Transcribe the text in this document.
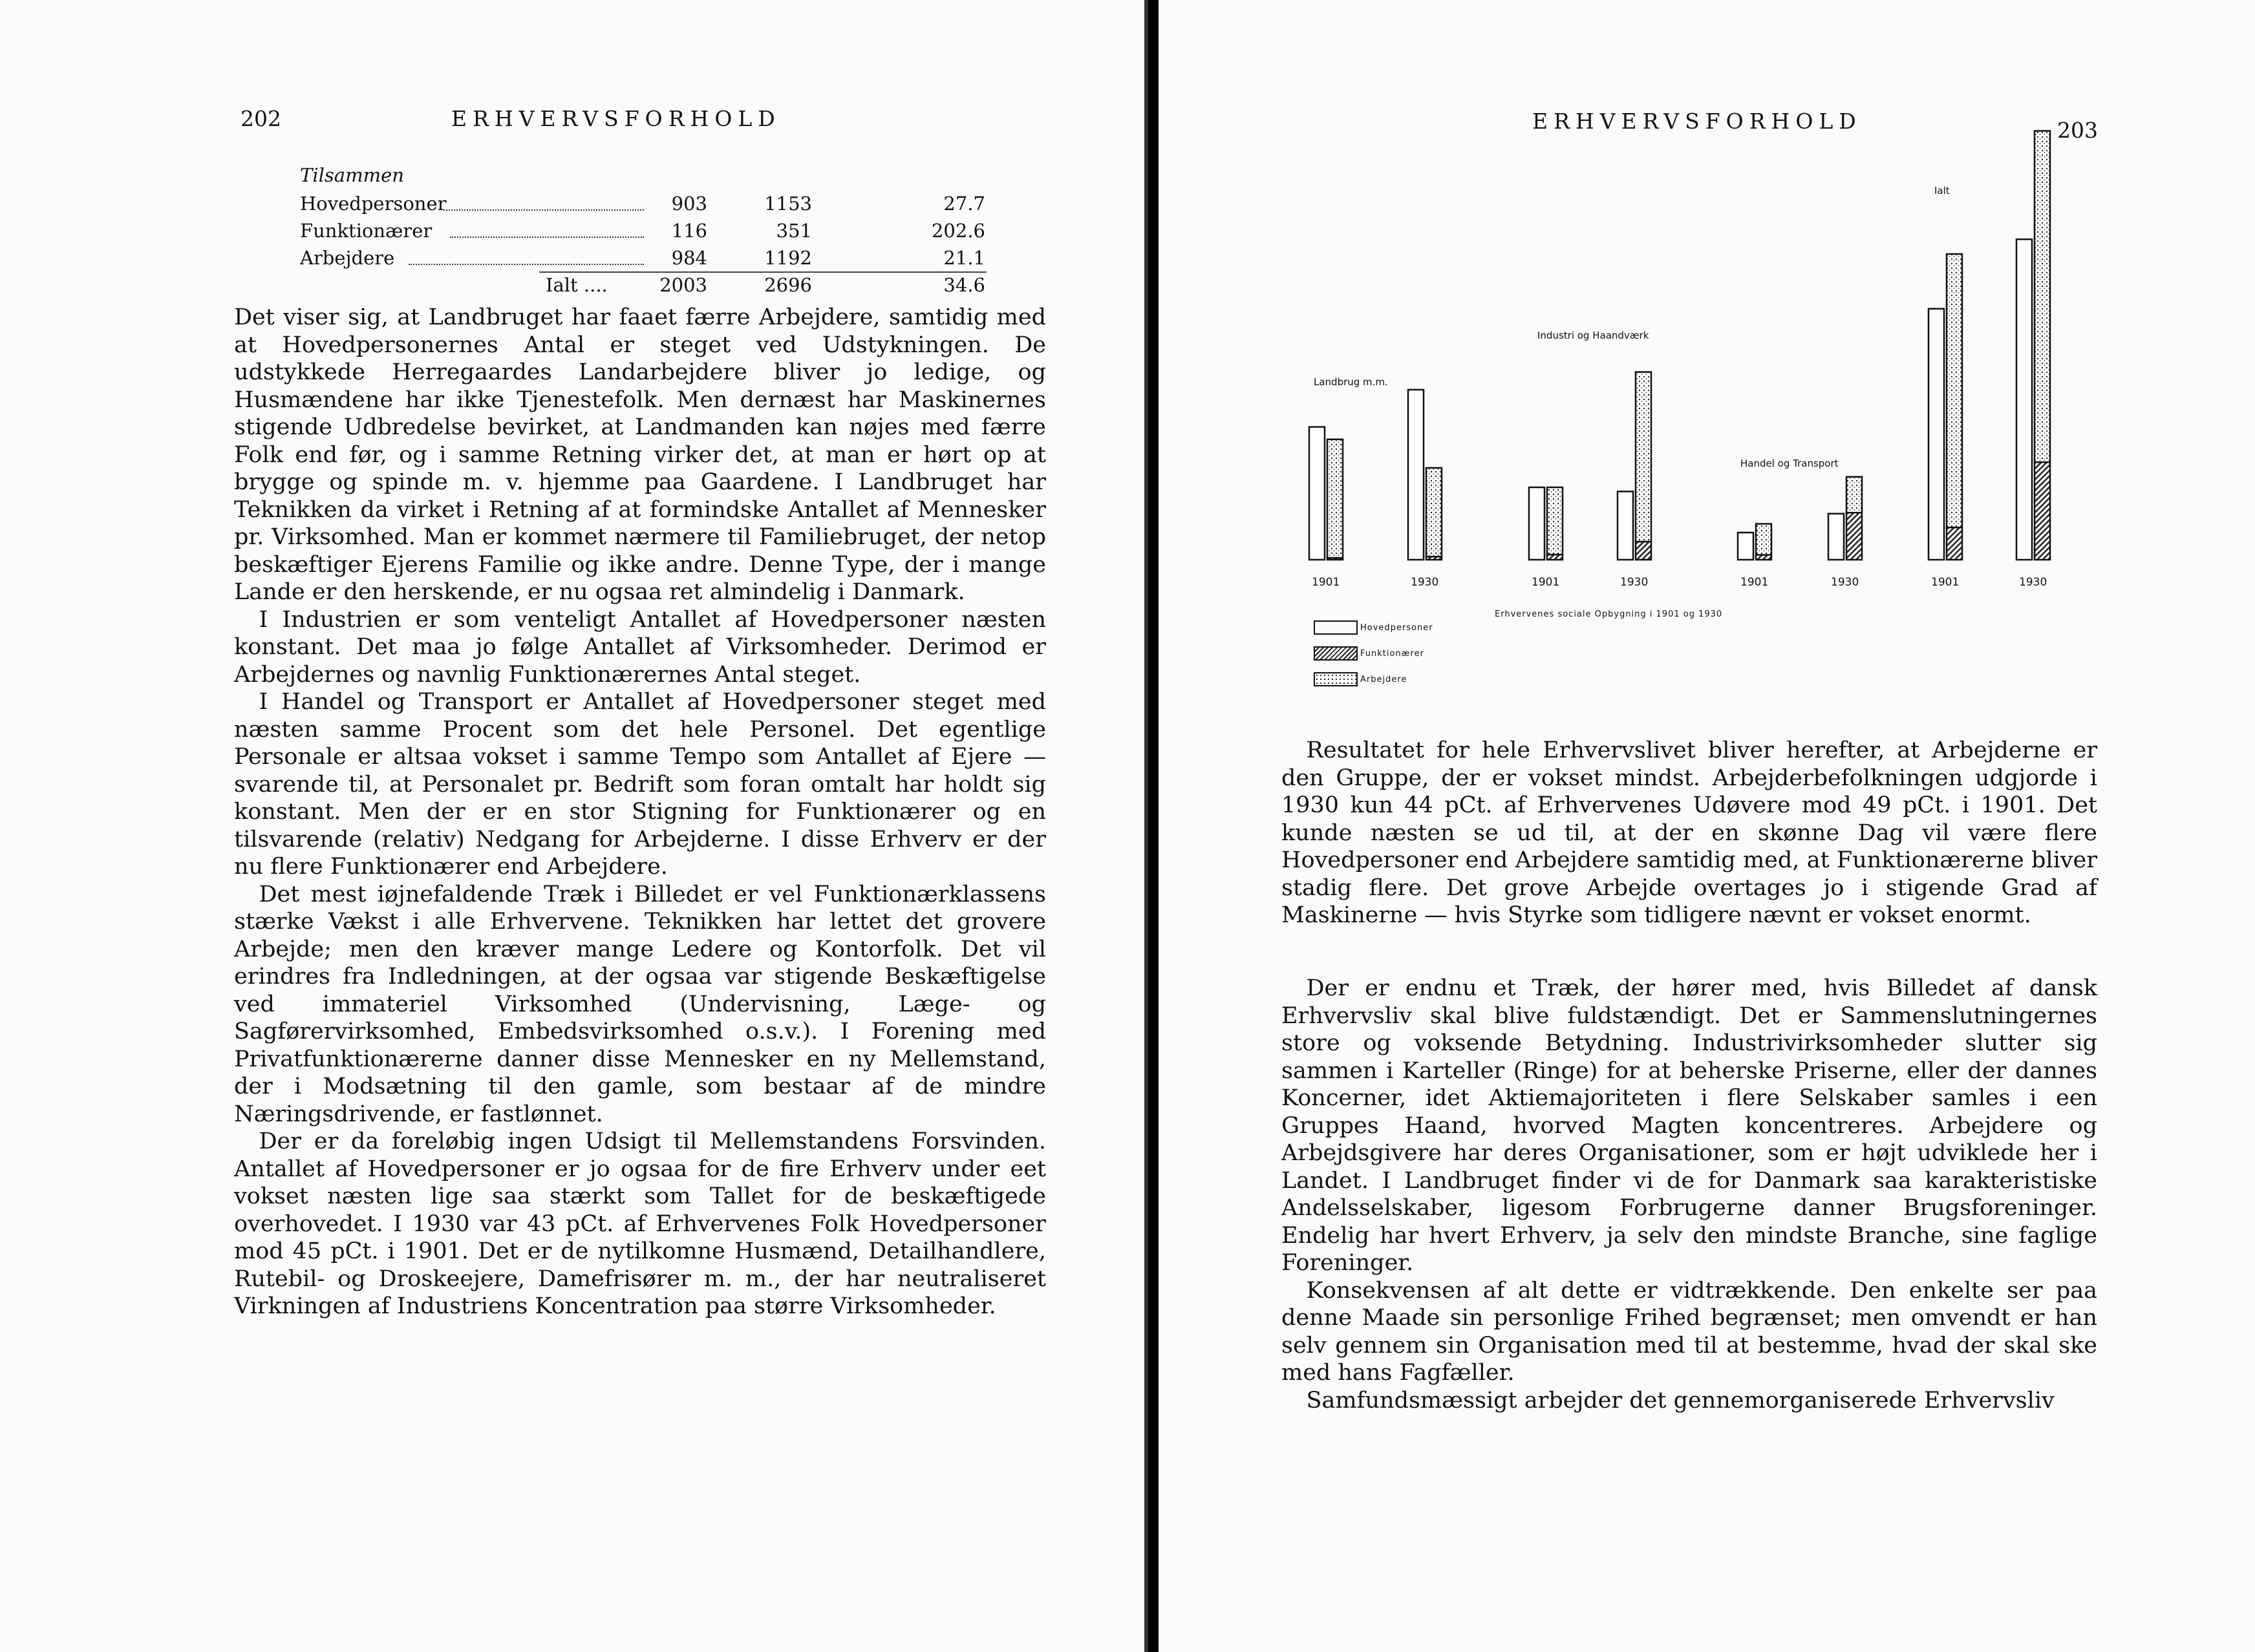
202	ERHVERVSFORHOLD
Tilsammen
Hovedpersoner	903	1153	27.7
Funktionærer	116	351	202.6
Arbejdere	984	1192	21.1
Ialt ....	2003	2696	34.6

Det viser sig, at Landbruget har faaet færre Arbejdere, samtidig med at Hovedpersonernes Antal er steget ved Udstykningen. De udstykkede Herregaardes Landarbejdere bliver jo ledige, og Husmændene har ikke Tjenestefolk. Men dernæst har Maskinernes stigende Udbredelse bevirket, at Landmanden kan nøjes med færre Folk end før, og i samme Retning virker det, at man er hørt op at brygge og spinde m. v. hjemme paa Gaardene. I Landbruget har Teknikken da virket i Retning af at formindske Antallet af Mennesker pr. Virksomhed. Man er kommet nærmere til Familiebruget, der netop beskæftiger Ejerens Familie og ikke andre. Denne Type, der i mange Lande er den herskende, er nu ogsaa ret almindelig i Danmark.

I Industrien er som venteligt Antallet af Hovedpersoner næsten konstant. Det maa jo følge Antallet af Virksomheder. Derimod er Arbejdernes og navnlig Funktionærernes Antal steget.

I Handel og Transport er Antallet af Hovedpersoner steget med næsten samme Procent som det hele Personel. Det egentlige Personale er altsaa vokset i samme Tempo som Antallet af Ejere — svarende til, at Personalet pr. Bedrift som foran omtalt har holdt sig konstant. Men der er en stor Stigning for Funktionærer og en tilsvarende (relativ) Nedgang for Arbejderne. I disse Erhverv er der nu flere Funktionærer end Arbejdere.

Det mest iøjnefaldende Træk i Billedet er vel Funktionærklassens stærke Vækst i alle Erhvervene. Teknikken har lettet det grovere Arbejde; men den kræver mange Ledere og Kontorfolk. Det vil erindres fra Indledningen, at der ogsaa var stigende Beskæftigelse ved immateriel Virksomhed (Undervisning, Læge- og Sagførervirksomhed, Embedsvirksomhed o.s.v.). I Forening med Privatfunktionærerne danner disse Mennesker en ny Mellemstand, der i Modsætning til den gamle, som bestaar af de mindre Næringsdrivende, er fastlønnet.

Der er da foreløbig ingen Udsigt til Mellemstandens Forsvinden. Antallet af Hovedpersoner er jo ogsaa for de fire Erhverv under eet vokset næsten lige saa stærkt som Tallet for de beskæftigede overhovedet. I 1930 var 43 pCt. af Erhvervenes Folk Hovedpersoner mod 45 pCt. i 1901. Det er de nytilkomne Husmænd, Detailhandlere, Rutebil- og Droskeejere, Damefrisører m. m., der har neutraliseret Virkningen af Industriens Koncentration paa større Virksomheder.

ERHVERVSFORHOLD	203
Landbrug m.m.
1901	1930
Industri og Haandværk
1901	1930
Handel og Transport
1901	1930
Ialt
1901	1930
Erhvervenes sociale Opbygning i 1901 og 1930
Hovedpersoner
Funktionærer
Arbejdere

Resultatet for hele Erhvervslivet bliver herefter, at Arbejderne er den Gruppe, der er vokset mindst. Arbejderbefolkningen udgjorde i 1930 kun 44 pCt. af Erhvervenes Udøvere mod 49 pCt. i 1901. Det kunde næsten se ud til, at der en skønne Dag vil være flere Hovedpersoner end Arbejdere samtidig med, at Funktionærerne bliver stadig flere. Det grove Arbejde overtages jo i stigende Grad af Maskinerne — hvis Styrke som tidligere nævnt er vokset enormt.

Der er endnu et Træk, der hører med, hvis Billedet af dansk Erhvervsliv skal blive fuldstændigt. Det er Sammenslutningernes store og voksende Betydning. Industrivirksomheder slutter sig sammen i Karteller (Ringe) for at beherske Priserne, eller der dannes Koncerner, idet Aktiemajoriteten i flere Selskaber samles i een Gruppes Haand, hvorved Magten koncentreres. Arbejdere og Arbejdsgivere har deres Organisationer, som er højt udviklede her i Landet. I Landbruget finder vi de for Danmark saa karakteristiske Andelsselskaber, ligesom Forbrugerne danner Brugsforeninger. Endelig har hvert Erhverv, ja selv den mindste Branche, sine faglige Foreninger.

Konsekvensen af alt dette er vidtrækkende. Den enkelte ser paa denne Maade sin personlige Frihed begrænset; men omvendt er han selv gennem sin Organisation med til at bestemme, hvad der skal ske med hans Fagfæller.

Samfundsmæssigt arbejder det gennemorganiserede Erhvervsliv
